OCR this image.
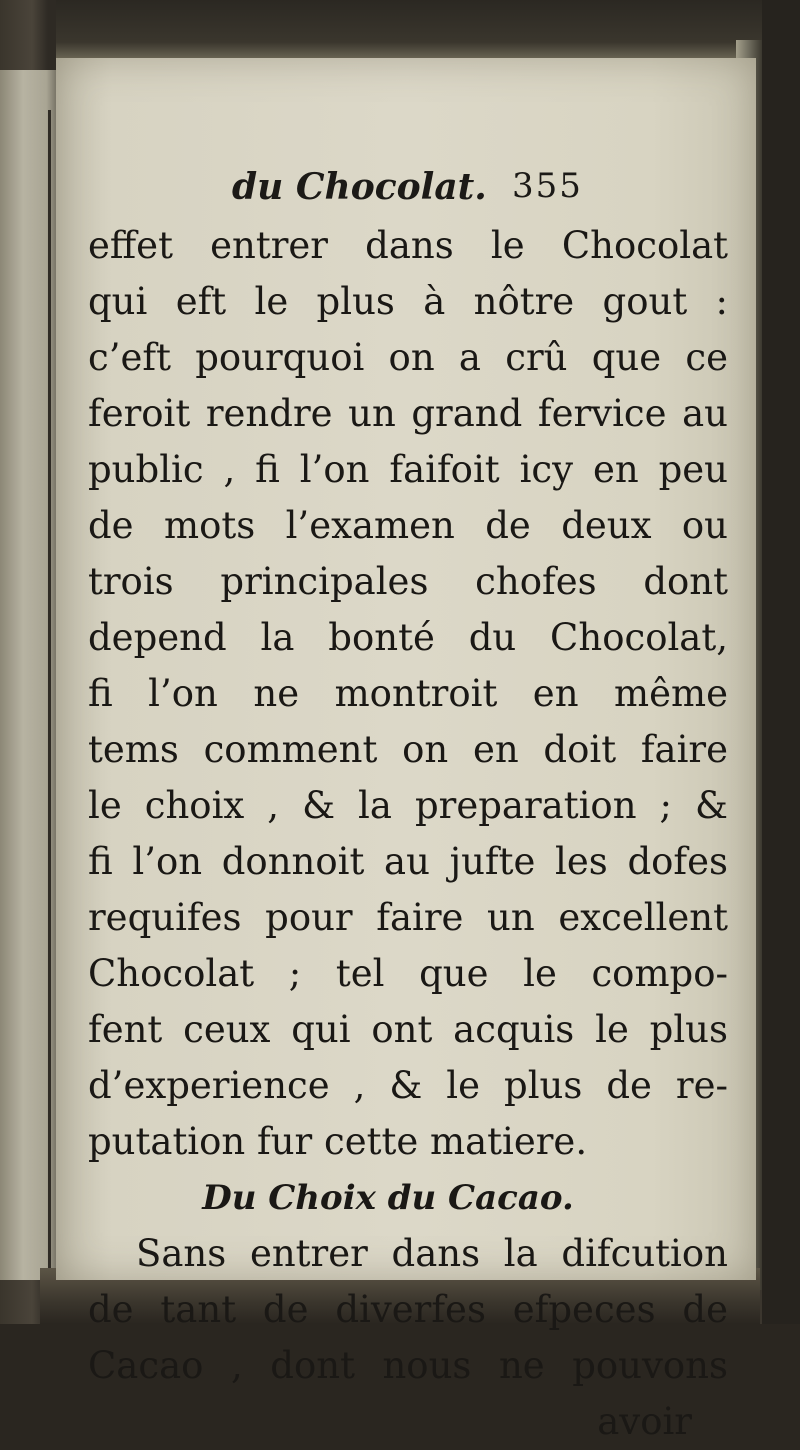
du Chocolat. 355
effet entrer dans le Chocolat
qui eft le plus à nôtre gout :
c’eft pourquoi on a crû que ce
feroit rendre un grand fervice au
public , fi l’on faifoit icy en peu
de mots l’examen de deux ou
trois principales chofes dont
depend la bonté du Chocolat,
fi l’on ne montroit en même
tems comment on en doit faire
le choix , & la preparation ; &
fi l’on donnoit au jufte les dofes
requifes pour faire un excellent
Chocolat ; tel que le compo-
fent ceux qui ont acquis le plus
d’experience , & le plus de re-
putation fur cette matiere.
Du Choix du Cacao.
Sans entrer dans la difcution
de tant de diverfes efpeces de
Cacao , dont nous ne pouvons
avoir
